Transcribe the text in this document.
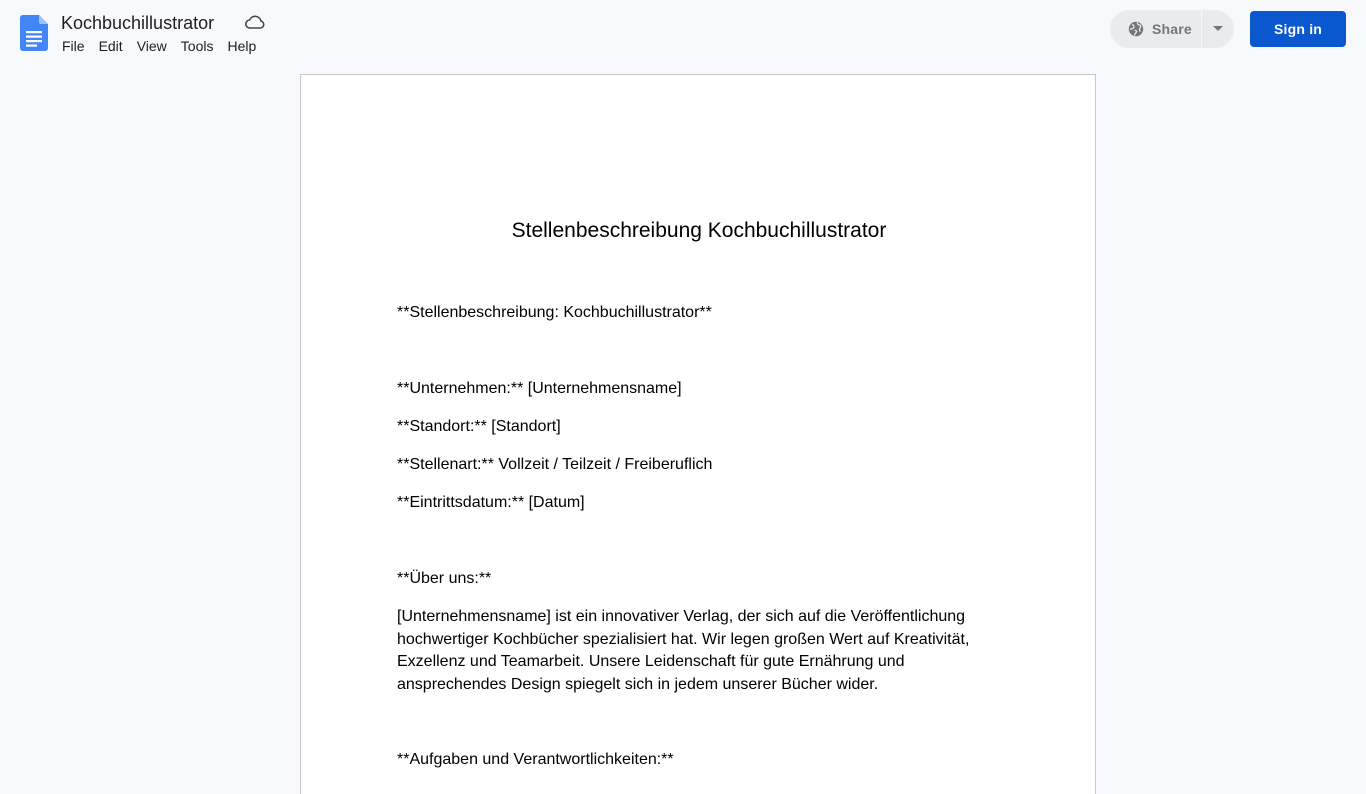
Kochbuchillustrator
File	Edit	View	Tools	Help
Share	Sign in
Stellenbeschreibung Kochbuchillustrator
**Stellenbeschreibung: Kochbuchillustrator**
**Unternehmen:** [Unternehmensname]
**Standort:** [Standort]
**Stellenart:** Vollzeit / Teilzeit / Freiberuflich
**Eintrittsdatum:** [Datum]
**Über uns:**
[Unternehmensname] ist ein innovativer Verlag, der sich auf die Veröffentlichung hochwertiger Kochbücher spezialisiert hat. Wir legen großen Wert auf Kreativität, Exzellenz und Teamarbeit. Unsere Leidenschaft für gute Ernährung und ansprechendes Design spiegelt sich in jedem unserer Bücher wider.
**Aufgaben und Verantwortlichkeiten:**
